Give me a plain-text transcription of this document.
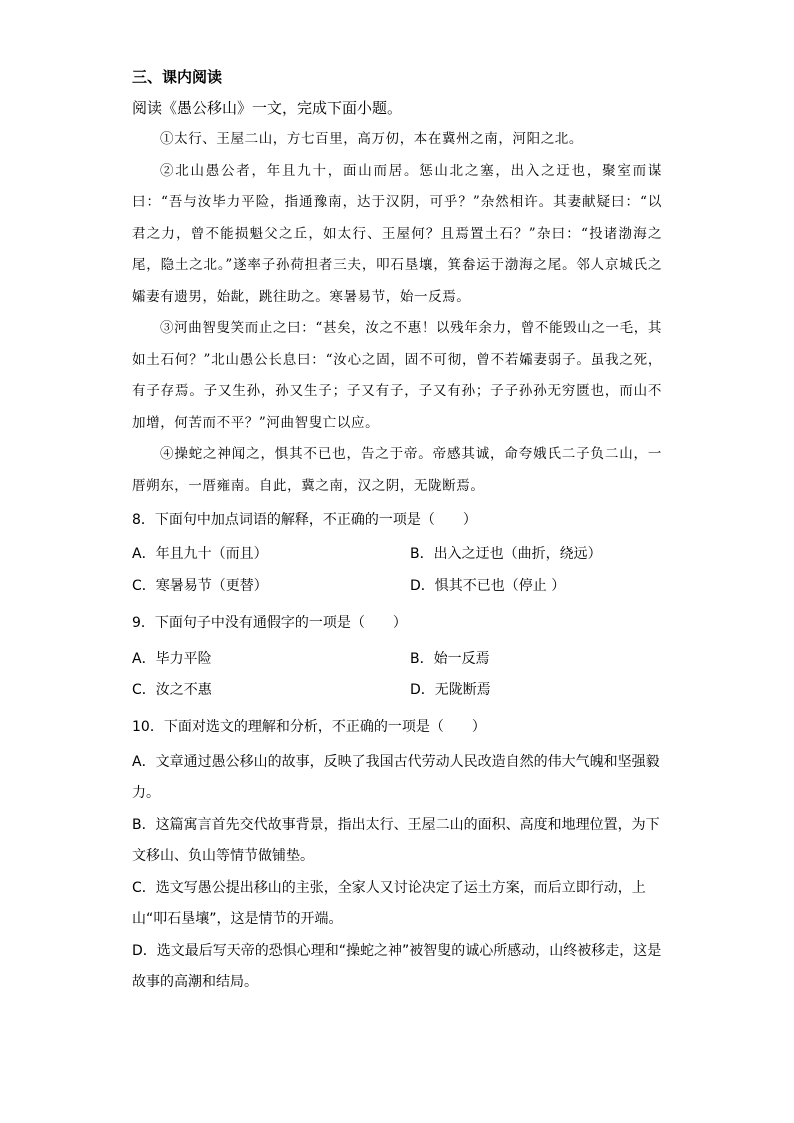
三、课内阅读
阅读《愚公移山》一文，完成下面小题。

①太行、王屋二山，方七百里，高万仞，本在冀州之南，河阳之北。

②北山愚公者，年且九十，面山而居。惩山北之塞，出入之迂也，聚室而谋曰：“吾与汝毕力平险，指通豫南，达于汉阴，可乎？”杂然相许。其妻献疑曰：“以君之力，曾不能损魁父之丘，如太行、王屋何？且焉置土石？”杂曰：“投诸渤海之尾，隐土之北。”遂率子孙荷担者三夫，叩石垦壤，箕畚运于渤海之尾。邻人京城氏之孀妻有遗男，始龀，跳往助之。寒暑易节，始一反焉。

③河曲智叟笑而止之曰：“甚矣，汝之不惠！以残年余力，曾不能毁山之一毛，其如土石何？”北山愚公长息曰：“汝心之固，固不可彻，曾不若孀妻弱子。虽我之死，有子存焉。子又生孙，孙又生子；子又有子，子又有孙；子子孙孙无穷匮也，而山不加增，何苦而不平？”河曲智叟亡以应。

④操蛇之神闻之，惧其不已也，告之于帝。帝感其诚，命夸娥氏二子负二山，一厝朔东，一厝雍南。自此，冀之南，汉之阴，无陇断焉。

8．下面句中加点词语的解释，不正确的一项是（　　）
A．年且九十（而且）	B．出入之迂也（曲折，绕远）
C．寒暑易节（更替）	D．惧其不已也（停止 ）
9．下面句子中没有通假字的一项是（　　）
A．毕力平险	B．始一反焉
C．汝之不惠	D．无陇断焉
10．下面对选文的理解和分析，不正确的一项是（　　）
A．文章通过愚公移山的故事，反映了我国古代劳动人民改造自然的伟大气魄和坚强毅力。
B．这篇寓言首先交代故事背景，指出太行、王屋二山的面积、高度和地理位置，为下文移山、负山等情节做铺垫。
C．选文写愚公提出移山的主张，全家人又讨论决定了运土方案，而后立即行动，上山“叩石垦壤”，这是情节的开端。
D．选文最后写天帝的恐惧心理和“操蛇之神”被智叟的诚心所感动，山终被移走，这是故事的高潮和结局。
